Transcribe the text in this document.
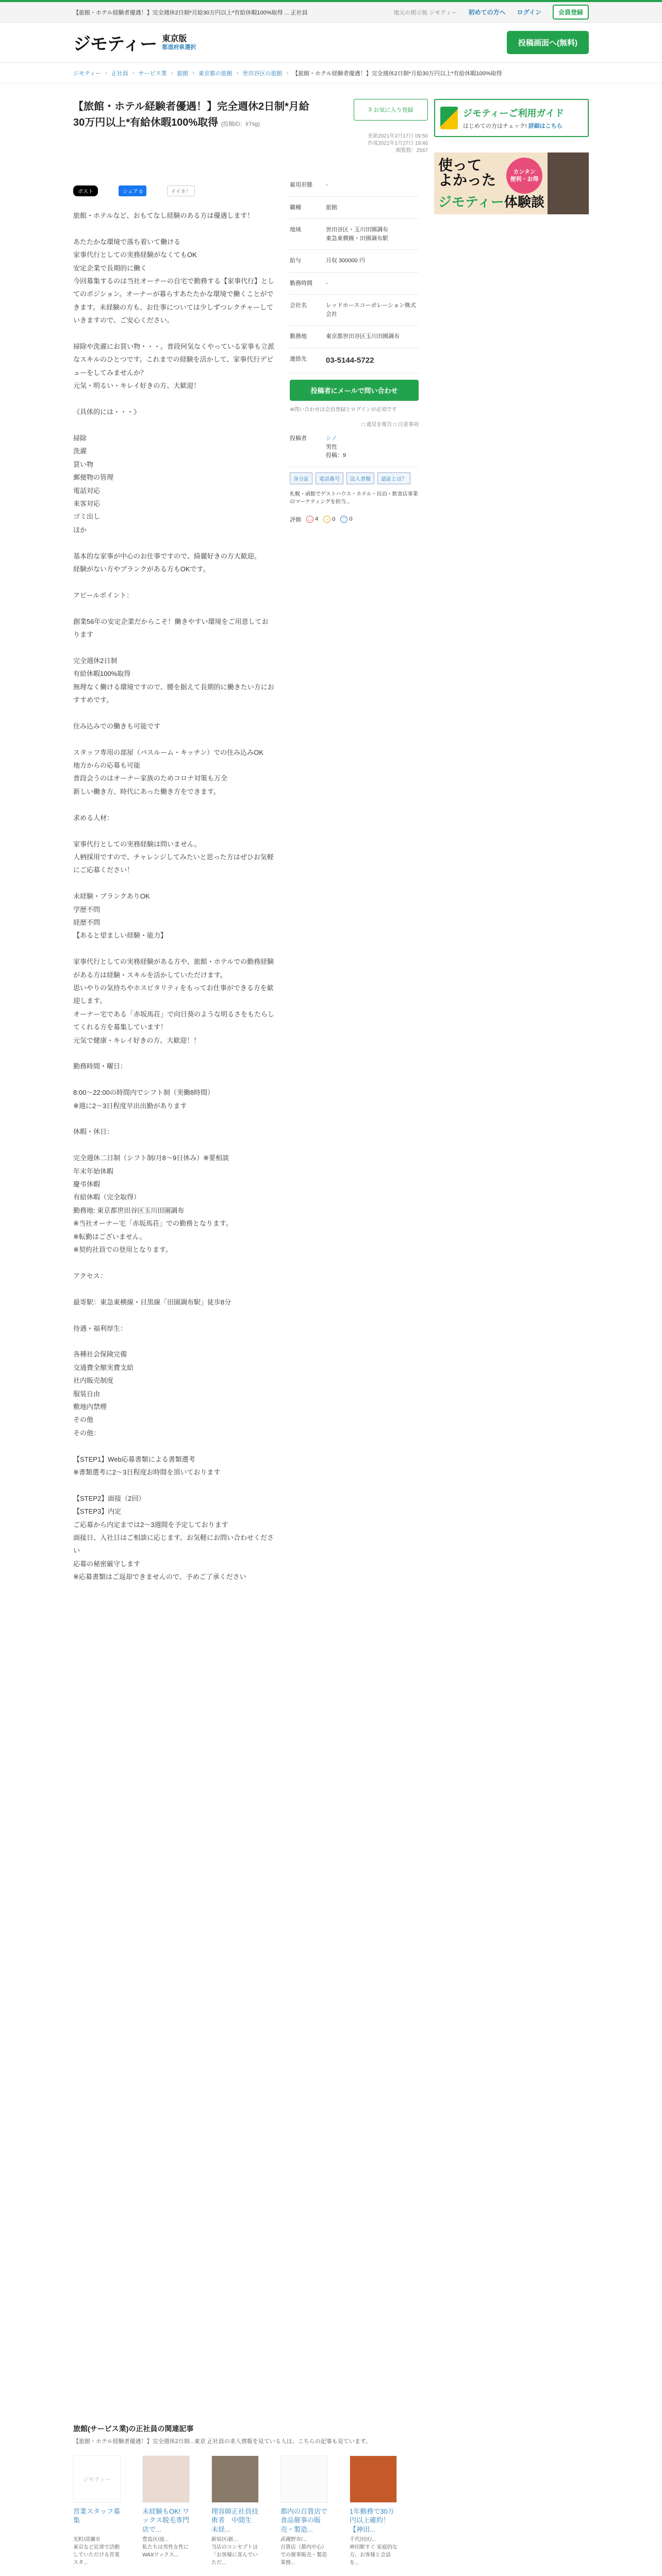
【旅館・ホテル経験者優遇！】完全週休2日制*月給30万円以上*有給休暇100%取得 ... 正社員	地元の掲示板 ジモティー 初めての方へ ログイン	会員登録
ジモティー 東京版
都道府県選択	投稿画面へ(無料)
ジモティー › 正社員 › サービス業 › 旅館 › 東京都の旅館 › 世田谷区の旅館 › 【旅館・ホテル経験者優遇！】完全週休2日制*月給30万円以上*有給休暇100%取得
【旅館・ホテル経験者優遇！】完全週休2日制*月給30万円以上*有給休暇100%取得 (投稿ID：lr7sg)
3 お気に入り登録
更新2021年2月17日 09:50
作成2021年1月27日 19:40
閲覧数：2567
ポスト	シェア 0	イイネ！
旅館・ホテルなど、おもてなし経験のある方は優遇します！

あたたかな環境で落ち着いて働ける
家事代行としての実務経験がなくてもOK
安定企業で長期的に働く
今回募集するのは当社オーナーの自宅で勤務する【家事代行】としてのポジション。オーナーが暮らすあたたかな環境で働くことができます。未経験の方も、お仕事については少しずつレクチャーしていきますので、ご安心ください。

掃除や洗濯にお買い物・・・。普段何気なくやっている家事も立派なスキルのひとつです。これまでの経験を活かして、家事代行デビューをしてみませんか？
元気・明るい・キレイ好きの方、大歓迎！

《具体的には・・・》

掃除
洗濯
買い物
郵便物の管理
電話対応
来客対応
ゴミ出し
ほか

基本的な家事が中心のお仕事ですので、綺麗好きの方大歓迎。
経験がない方やブランクがある方もOKです。

アピールポイント：

創業56年の安定企業だからこそ！働きやすい環境をご用意しております

完全週休2日制
有給休暇100%取得
無理なく働ける環境ですので、腰を据えて長期的に働きたい方におすすめです。

住み込みでの働きも可能です

スタッフ専用の部屋（バスルーム・キッチン）での住み込みOK
地方からの応募も可能
普段会うのはオーナー家族のためコロナ対策も万全
新しい働き方、時代にあった働き方をできます。

求める人材：

家事代行としての実務経験は問いません。
人柄採用ですので、チャレンジしてみたいと思った方はぜひお気軽にご応募ください！

未経験・ブランクありOK
学歴不問
経歴不問
【あると望ましい経験・能力】

家事代行としての実務経験がある方や、旅館・ホテルでの勤務経験がある方は経験・スキルを活かしていただけます。
思いやりの気持ちやホスピタリティをもってお仕事ができる方を歓迎します。
オーナー宅である「赤坂馬荘」で向日葵のような明るさをもたらしてくれる方を募集しています！
元気で健康・キレイ好きの方、大歓迎！！

勤務時間・曜日：

8:00〜22:00の時間内でシフト制（実働8時間）
※週に2〜3日程度早出出勤があります

休暇・休日：

完全週休二日制（シフト制/月8〜9日休み）※要相談
年末年始休暇
慶弔休暇
有給休暇（完全取得）
勤務地: 東京都世田谷区玉川田園調布
※当社オーナー宅「赤坂馬荘」での勤務となります。
※転勤はございません。
※契約社員での登用となります。

アクセス：

最寄駅：東急東横線・目黒線「田園調布駅」徒歩8分

待遇・福利厚生：

各種社会保険完備
交通費全額実費支給
社内販売制度
服装自由
敷地内禁煙
その他
その他：

【STEP1】Web応募書類による書類選考
※書類選考に2〜3日程度お時間を頂いております

【STEP2】面接（2回）
【STEP3】内定
ご応募から内定までは2〜3週間を予定しております
面接日、入社日はご相談に応じます。お気軽にお問い合わせください
応募の秘密厳守します
※応募書類はご返却できませんので、予めご了承ください
雇用形態	-
職種	旅館
地域	世田谷区・玉川田園調布
東急東横線・田園調布駅
給与	月収 300000 円
勤務時間	-
会社名	レッドホースコーポレーション株式会社
勤務地	東京都世田谷区玉川田園調布
連絡先	03-5144-5722
投稿者にメールで問い合わせ
※問い合わせは会員登録とログインが必須です
□ 違反を報告 □ 注意事項
投稿者	シノ
男性
投稿：9
身分証	電話番号	法人書類	認証とは？
札幌・函館でゲストハウス・ホテル・民泊・飲食店事業のマーケティングを担当...
評価	◡ 4	– 0	◠ 0
ジモティーご利用ガイド
はじめての方はチェック! 詳細はこちら
使って
よかった
ジモティー体験談
カンタン
便利・お得
旅館(サービス業)の正社員の関連記事
【旅館・ホテル経験者優遇！】完全週休2日制...東京 正社員の求人情報を見ている人は、こちらの記事も見ています。
ジモティー
営業スタッフ募集
光町/清瀬市
東京など近郊で活動していただける営業スタ...
未経験もOK! ワックス脱毛専門店で...
豊島区/池...
私たちは男性女性にWAXワックス...
理容師正社員技術者　中間生　未経...
新宿区/新...
当店のコンセプトは「お客様に喜んでいただ...
都内の百貨店で食品催事の販売・製造...
武蔵野市/...
百貨店（都内中心）での催事販売・製造業務...
1年勤務で30万円以上確約！【神田...
千代田区/...
神田駅すぐ 家庭的な方、お客様と会話を...
